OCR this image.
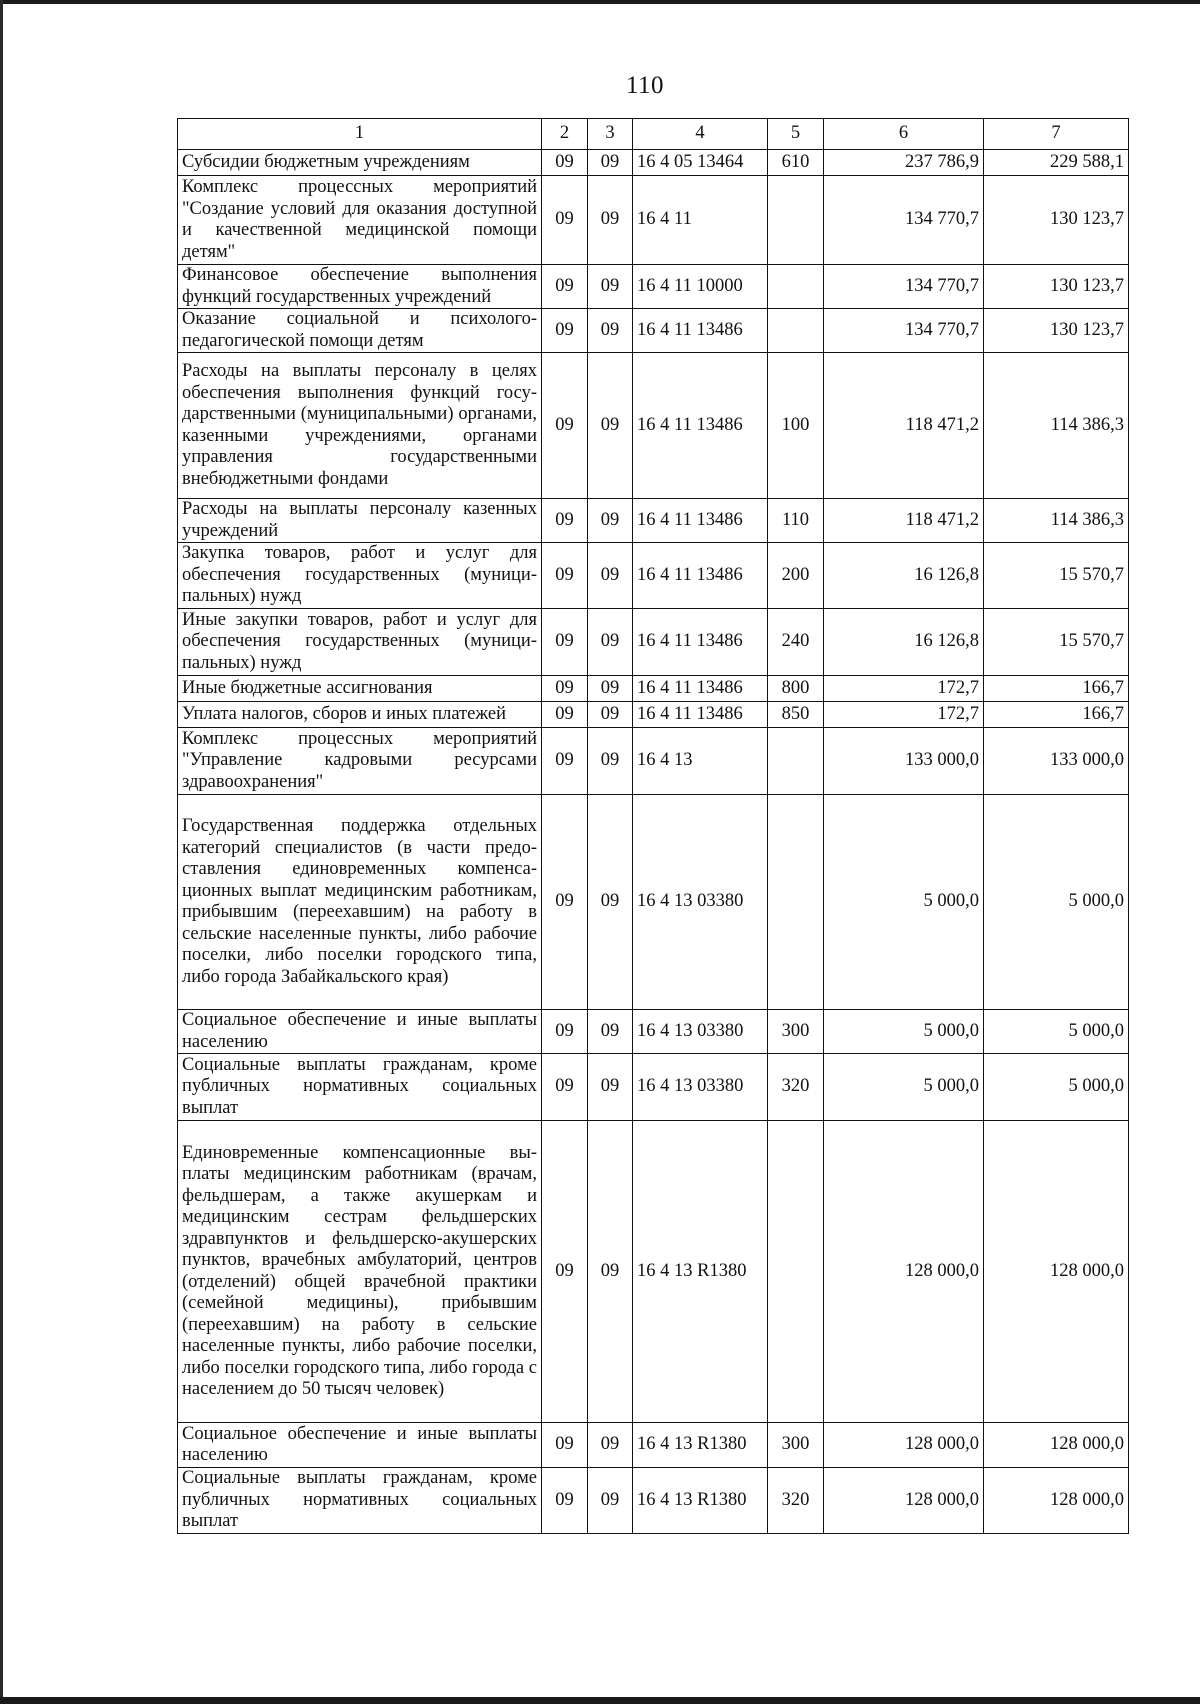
110
1	2	3	4	5	6	7
Субсидии бюджетным учреждениям	09	09	16 4 05 13464	610	237 786,9	229 588,1
Комплекс процессных мероприятий "Создание условий для оказания доступной и качественной медицинской помощи детям"	09	09	16 4 11		134 770,7	130 123,7
Финансовое обеспечение выполнения функций государственных учреждений	09	09	16 4 11 10000		134 770,7	130 123,7
Оказание социальной и психолого-педагогической помощи детям	09	09	16 4 11 13486		134 770,7	130 123,7
Расходы на выплаты персоналу в целях обеспечения выполнения функций государственными (муниципальными) органами, казенными учреждениями, органами управления государственными внебюджетными фондами	09	09	16 4 11 13486	100	118 471,2	114 386,3
Расходы на выплаты персоналу казенных учреждений	09	09	16 4 11 13486	110	118 471,2	114 386,3
Закупка товаров, работ и услуг для обеспечения государственных (муниципальных) нужд	09	09	16 4 11 13486	200	16 126,8	15 570,7
Иные закупки товаров, работ и услуг для обеспечения государственных (муниципальных) нужд	09	09	16 4 11 13486	240	16 126,8	15 570,7
Иные бюджетные ассигнования	09	09	16 4 11 13486	800	172,7	166,7
Уплата налогов, сборов и иных платежей	09	09	16 4 11 13486	850	172,7	166,7
Комплекс процессных мероприятий "Управление кадровыми ресурсами здравоохранения"	09	09	16 4 13		133 000,0	133 000,0
Государственная поддержка отдельных категорий специалистов (в части предоставления единовременных компенсационных выплат медицинским работникам, прибывшим (переехавшим) на работу в сельские населенные пункты, либо рабочие поселки, либо поселки городского типа, либо города Забайкальского края)	09	09	16 4 13 03380		5 000,0	5 000,0
Социальное обеспечение и иные выплаты населению	09	09	16 4 13 03380	300	5 000,0	5 000,0
Социальные выплаты гражданам, кроме публичных нормативных социальных выплат	09	09	16 4 13 03380	320	5 000,0	5 000,0
Единовременные компенсационные выплаты медицинским работникам (врачам, фельдшерам, а также акушеркам и медицинским сестрам фельдшерских здравпунктов и фельдшерско-акушерских пунктов, врачебных амбулаторий, центров (отделений) общей врачебной практики (семейной медицины), прибывшим (переехавшим) на работу в сельские населенные пункты, либо рабочие поселки, либо поселки городского типа, либо города с населением до 50 тысяч человек)	09	09	16 4 13 R1380		128 000,0	128 000,0
Социальное обеспечение и иные выплаты населению	09	09	16 4 13 R1380	300	128 000,0	128 000,0
Социальные выплаты гражданам, кроме публичных нормативных социальных выплат	09	09	16 4 13 R1380	320	128 000,0	128 000,0
